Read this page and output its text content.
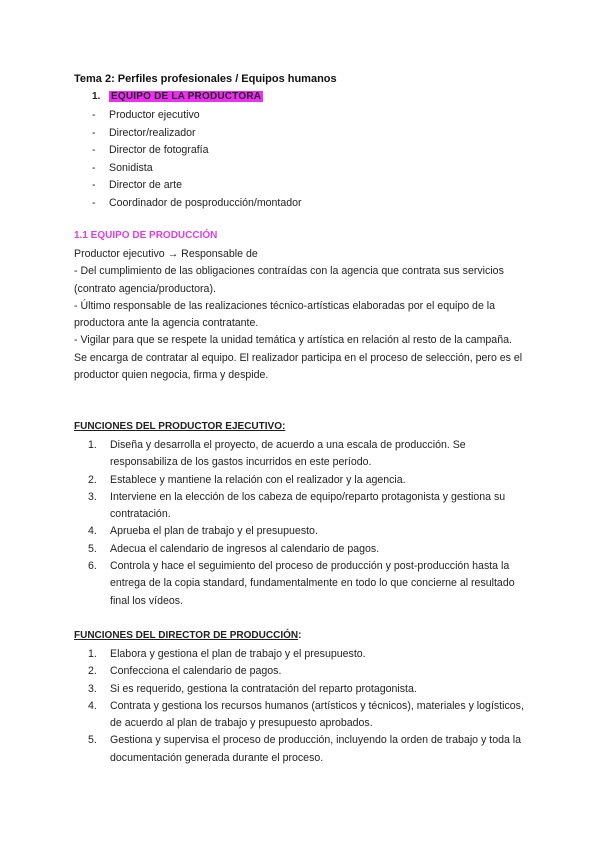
Tema 2: Perfiles profesionales / Equipos humanos
1. EQUIPO DE LA PRODUCTORA
- Productor ejecutivo
- Director/realizador
- Director de fotografía
- Sonidista
- Director de arte
- Coordinador de posproducción/montador
1.1 EQUIPO DE PRODUCCIÓN

Productor ejecutivo → Responsable de

- Del cumplimiento de las obligaciones contraídas con la agencia que contrata sus servicios (contrato agencia/productora).

- Último responsable de las realizaciones técnico-artísticas elaboradas por el equipo de la productora ante la agencia contratante.

- Vigilar para que se respete la unidad temática y artística en relación al resto de la campaña.

Se encarga de contratar al equipo. El realizador participa en el proceso de selección, pero es el productor quien negocia, firma y despide.

FUNCIONES DEL PRODUCTOR EJECUTIVO:
1.	Diseña y desarrolla el proyecto, de acuerdo a una escala de producción. Se responsabiliza de los gastos incurridos en este período.
2.	Establece y mantiene la relación con el realizador y la agencia.
3.	Interviene en la elección de los cabeza de equipo/reparto protagonista y gestiona su contratación.
4.	Aprueba el plan de trabajo y el presupuesto.
5.	Adecua el calendario de ingresos al calendario de pagos.
6.	Controla y hace el seguimiento del proceso de producción y post-producción hasta la entrega de la copia standard, fundamentalmente en todo lo que concierne al resultado final los vídeos.
FUNCIONES DEL DIRECTOR DE PRODUCCIÓN:
1.	Elabora y gestiona el plan de trabajo y el presupuesto.
2.	Confecciona el calendario de pagos.
3.	Si es requerido, gestiona la contratación del reparto protagonista.
4.	Contrata y gestiona los recursos humanos (artísticos y técnicos), materiales y logísticos, de acuerdo al plan de trabajo y presupuesto aprobados.
5.	Gestiona y supervisa el proceso de producción, incluyendo la orden de trabajo y toda la documentación generada durante el proceso.
